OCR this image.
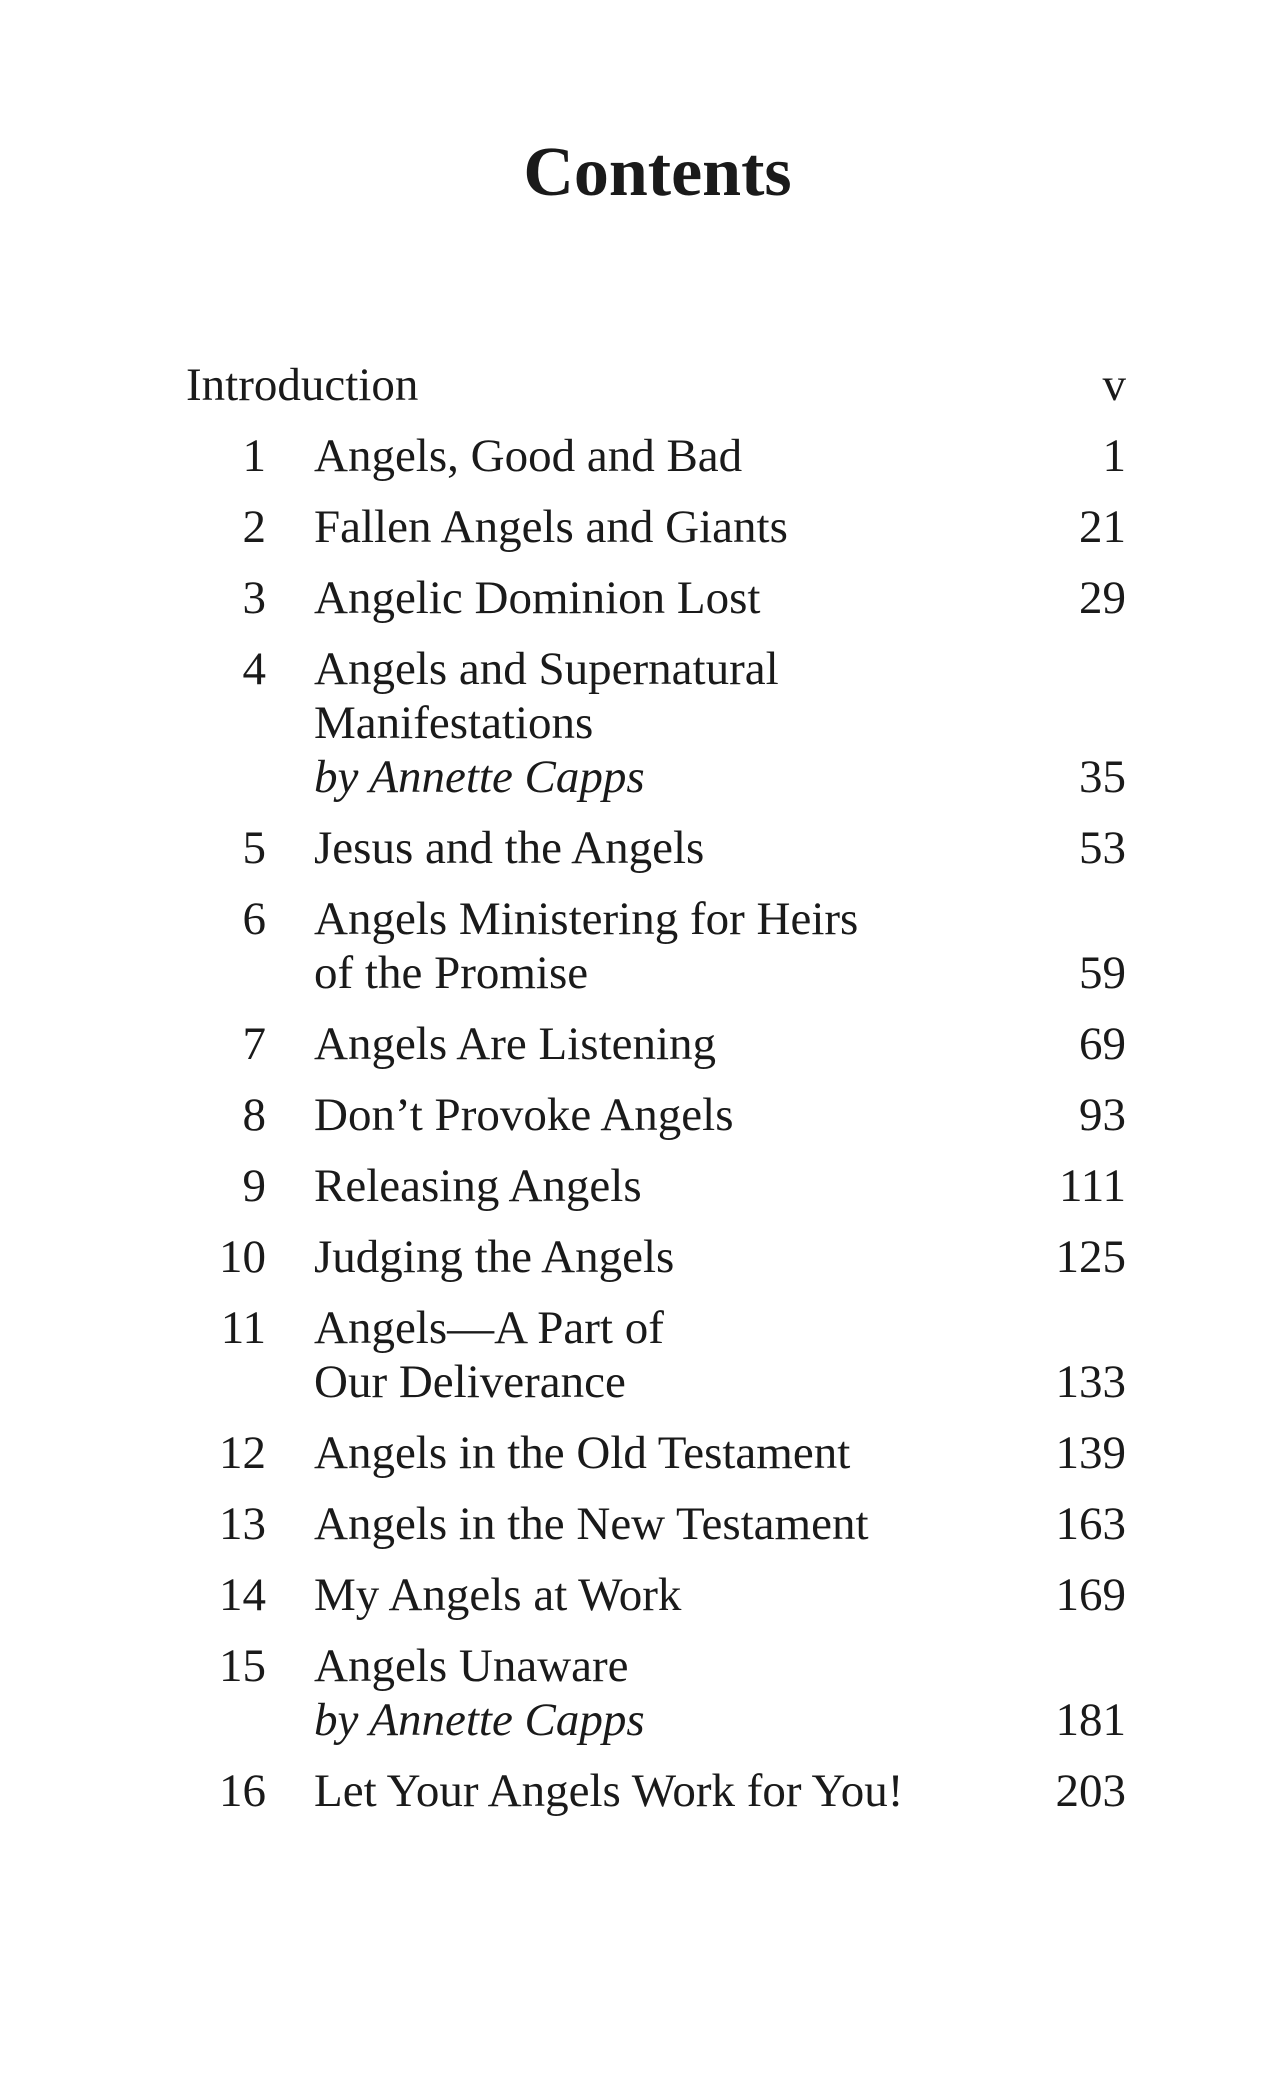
Contents
Introduction	v
1 Angels, Good and Bad	1
2 Fallen Angels and Giants	21
3 Angelic Dominion Lost	29
4 Angels and Supernatural
Manifestations
by Annette Capps	35
5 Jesus and the Angels	53
6 Angels Ministering for Heirs
of the Promise	59
7 Angels Are Listening	69
8 Don’t Provoke Angels	93
9 Releasing Angels	111
10 Judging the Angels	125
11 Angels—A Part of
Our Deliverance	133
12 Angels in the Old Testament	139
13 Angels in the New Testament	163
14 My Angels at Work	169
15 Angels Unaware
by Annette Capps	181
16 Let Your Angels Work for You!	203
